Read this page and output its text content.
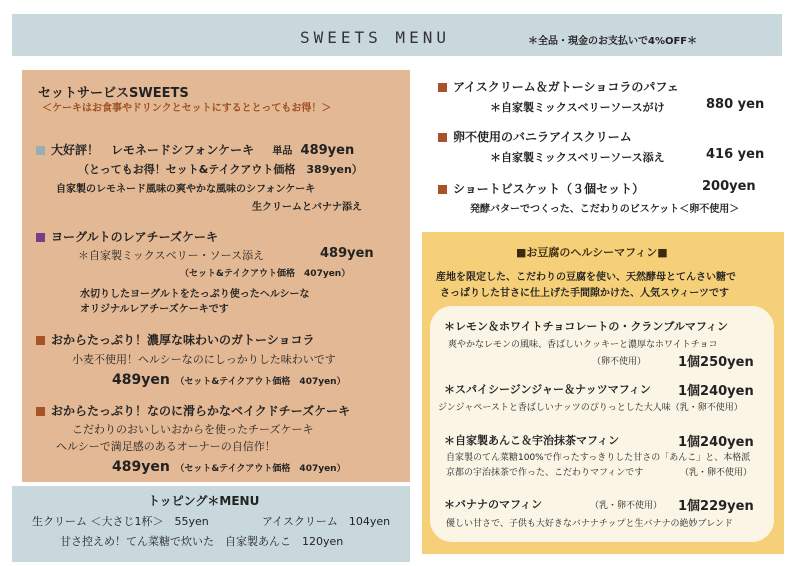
SWEETS MENU	＊全品・現金のお支払いで4%OFF＊
セットサービスSWEETS
＜ケーキはお食事やドリンクとセットにするととってもお得！＞
大好評！　レモネードシフォンケーキ 単品 489yen
（とってもお得！セット&テイクアウト価格　389yen）
自家製のレモネード風味の爽やかな風味のシフォンケーキ
生クリームとバナナ添え
ヨーグルトのレアチーズケーキ
＊自家製ミックスベリー・ソース添え	489yen
（セット&テイクアウト価格　407yen）
水切りしたヨーグルトをたっぷり使ったヘルシーな
オリジナルレアチーズケーキです
おからたっぷり！濃厚な味わいのガトーショコラ
小麦不使用！ヘルシーなのにしっかりした味わいです
489yen （セット&テイクアウト価格　407yen）
おからたっぷり！なのに滑らかなベイクドチーズケーキ
こだわりのおいしいおからを使ったチーズケーキ
ヘルシーで満足感のあるオーナーの自信作！
489yen （セット&テイクアウト価格　407yen）
トッピング＊MENU
生クリーム ＜大さじ1杯＞　55yen	アイスクリーム　104yen
甘さ控えめ！てん菜糖で炊いた　自家製あんこ　120yen
アイスクリーム＆ガトーショコラのパフェ
＊自家製ミックスベリーソースがけ	880 yen
卵不使用のバニラアイスクリーム
＊自家製ミックスベリーソース添え	416 yen
ショートビスケット（３個セット）	200yen
発酵バターでつくった、こだわりのビスケット＜卵不使用＞
■お豆腐のヘルシーマフィン■
産地を限定した、こだわりの豆腐を使い、天然酵母とてんさい糖で
さっぱりした甘さに仕上げた手間隙かけた、人気スウィーツです
＊レモン＆ホワイトチョコレートの・クランブルマフィン
爽やかなレモンの風味、香ばしいクッキーと濃厚なホワイトチョコ
（卵不使用） 1個250yen
＊スパイシージンジャー＆ナッツマフィン 1個240yen
ジンジャペーストと香ばしいナッツのぴりっとした大人味（乳・卵不使用）
＊自家製あんこ＆宇治抹茶マフィン	1個240yen
自家製のてん菜糖100%で作ったすっきりした甘さの「あんこ」と、本格派
京都の宇治抹茶で作った、こだわりマフィンです	（乳・卵不使用）
＊バナナのマフィン	（乳・卵不使用） 1個229yen
優しい甘さで、子供も大好きなバナナチップと生バナナの絶妙ブレンド
